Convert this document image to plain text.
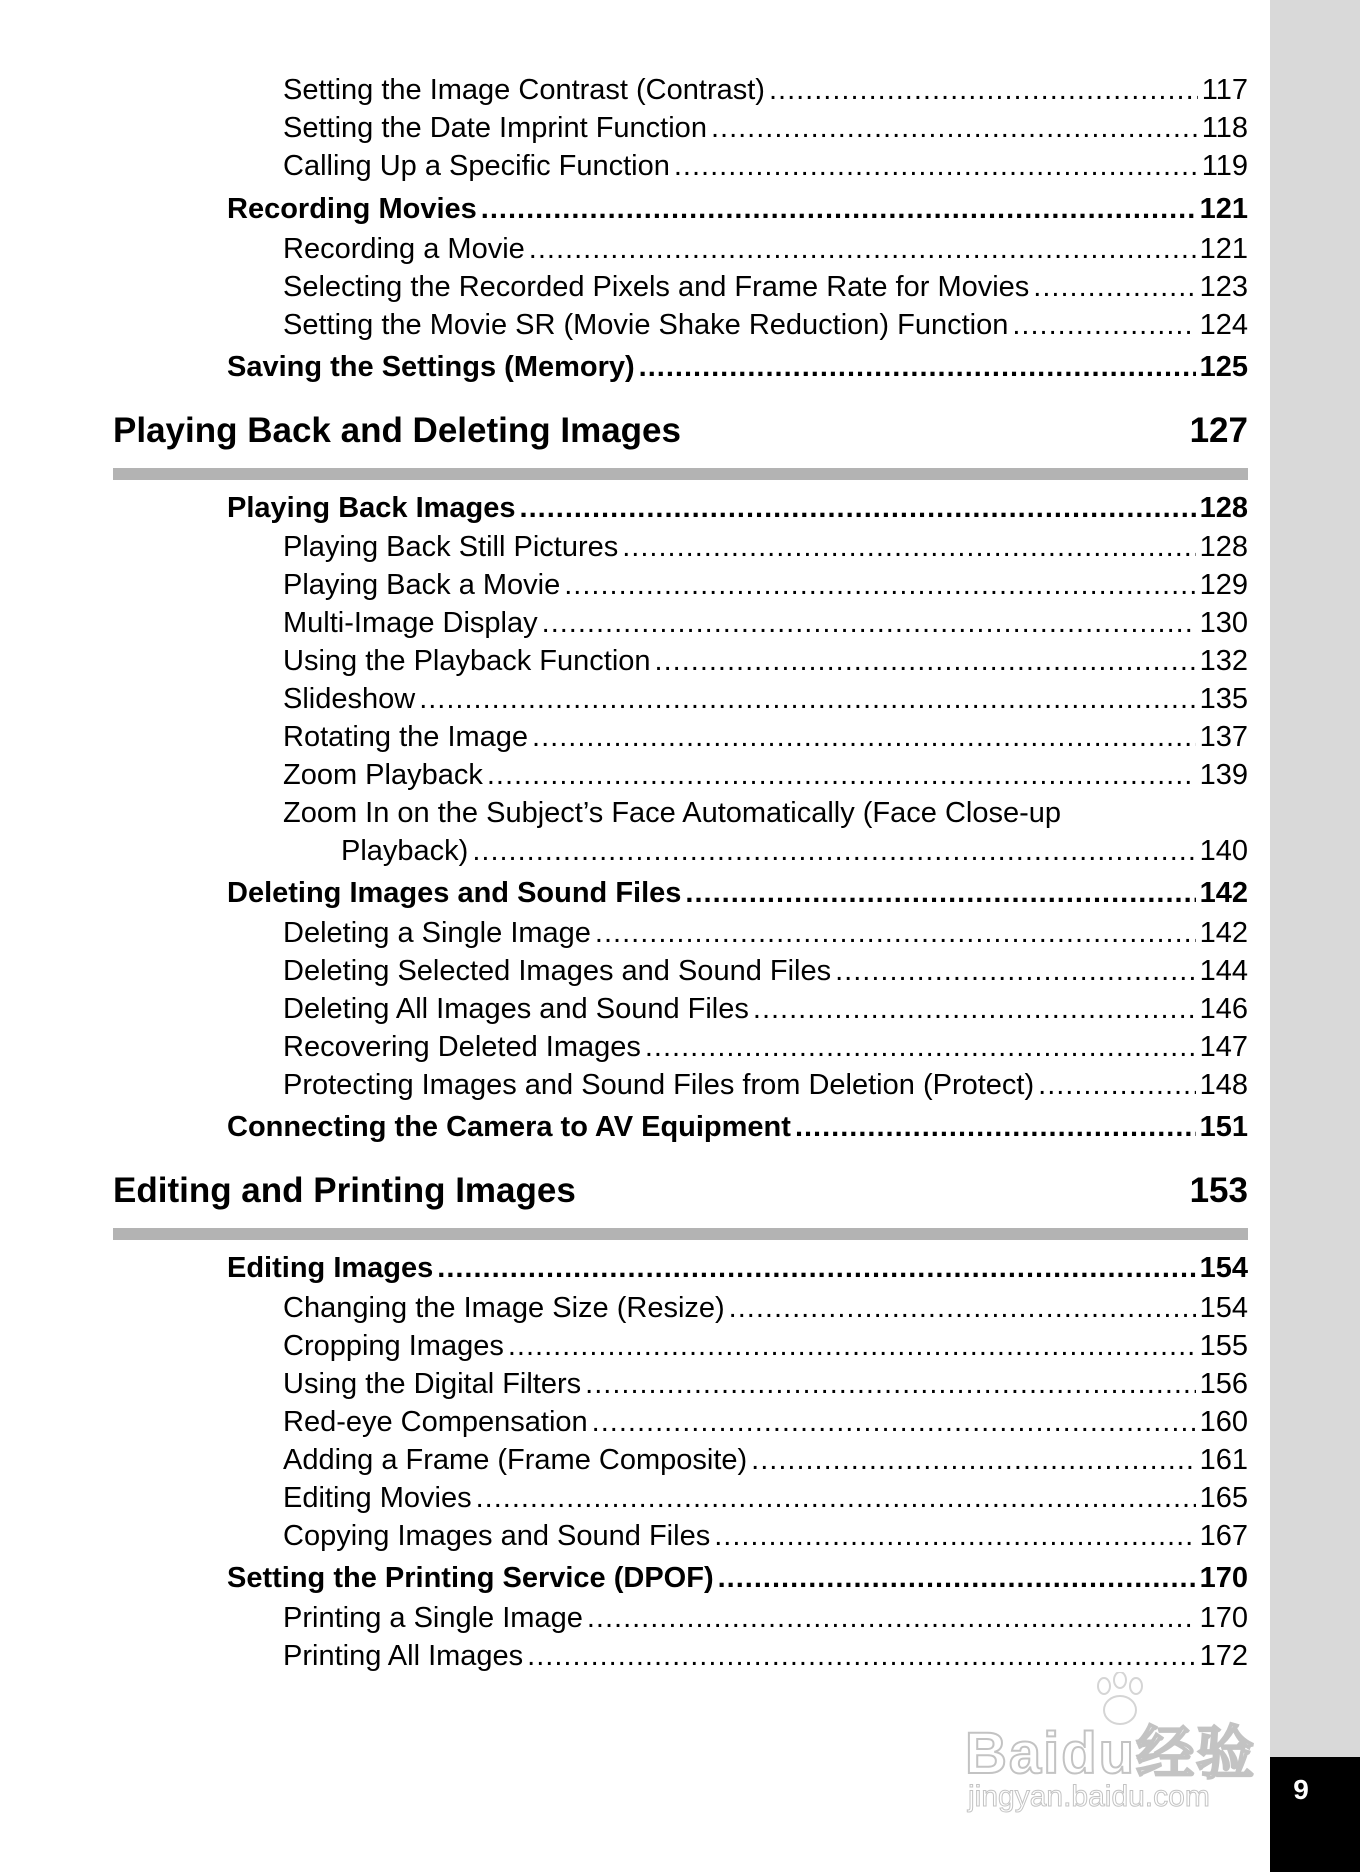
Setting the Image Contrast (Contrast) .....	117
Setting the Date Imprint Function .....	118
Calling Up a Specific Function .....	119
Recording Movies .....	121
Recording a Movie .....	121
Selecting the Recorded Pixels and Frame Rate for Movies .....	123
Setting the Movie SR (Movie Shake Reduction) Function .....	124
Saving the Settings (Memory) .....	125
Playing Back and Deleting Images	127
Playing Back Images .....	128
Playing Back Still Pictures .....	128
Playing Back a Movie .....	129
Multi-Image Display .....	130
Using the Playback Function .....	132
Slideshow .....	135
Rotating the Image .....	137
Zoom Playback .....	139
Zoom In on the Subject’s Face Automatically (Face Close-up
Playback) .....	140
Deleting Images and Sound Files .....	142
Deleting a Single Image .....	142
Deleting Selected Images and Sound Files .....	144
Deleting All Images and Sound Files .....	146
Recovering Deleted Images .....	147
Protecting Images and Sound Files from Deletion (Protect) .....	148
Connecting the Camera to AV Equipment .....	151
Editing and Printing Images	153
Editing Images .....	154
Changing the Image Size (Resize) .....	154
Cropping Images .....	155
Using the Digital Filters .....	156
Red-eye Compensation .....	160
Adding a Frame (Frame Composite) .....	161
Editing Movies .....	165
Copying Images and Sound Files .....	167
Setting the Printing Service (DPOF) .....	170
Printing a Single Image .....	170
Printing All Images .....	172
Baidu经验
jingyan.baidu.com	9
